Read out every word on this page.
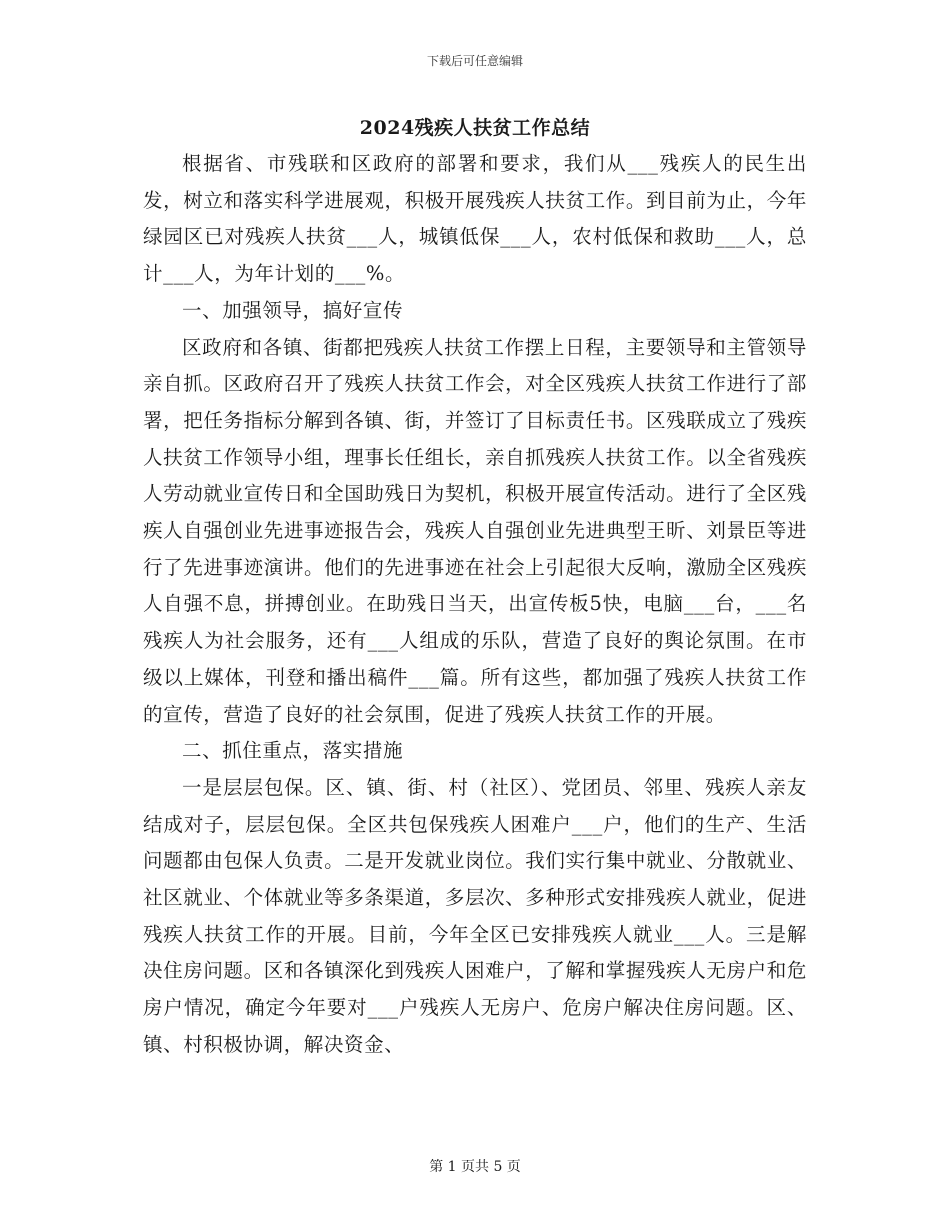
下载后可任意编辑
2024残疾人扶贫工作总结

根据省、市残联和区政府的部署和要求，我们从___残疾人的民生出发，树立和落实科学进展观，积极开展残疾人扶贫工作。到目前为止，今年绿园区已对残疾人扶贫___人，城镇低保___人，农村低保和救助___人，总计___人，为年计划的___%。

一、加强领导，搞好宣传

区政府和各镇、街都把残疾人扶贫工作摆上日程，主要领导和主管领导亲自抓。区政府召开了残疾人扶贫工作会，对全区残疾人扶贫工作进行了部署，把任务指标分解到各镇、街，并签订了目标责任书。区残联成立了残疾人扶贫工作领导小组，理事长任组长，亲自抓残疾人扶贫工作。以全省残疾人劳动就业宣传日和全国助残日为契机，积极开展宣传活动。进行了全区残疾人自强创业先进事迹报告会，残疾人自强创业先进典型王昕、刘景臣等进行了先进事迹演讲。他们的先进事迹在社会上引起很大反响，激励全区残疾人自强不息，拼搏创业。在助残日当天，出宣传板5快，电脑___台，___名残疾人为社会服务，还有___人组成的乐队，营造了良好的舆论氛围。在市级以上媒体，刊登和播出稿件___篇。所有这些，都加强了残疾人扶贫工作的宣传，营造了良好的社会氛围，促进了残疾人扶贫工作的开展。

二、抓住重点，落实措施

一是层层包保。区、镇、街、村（社区）、党团员、邻里、残疾人亲友结成对子，层层包保。全区共包保残疾人困难户___户，他们的生产、生活问题都由包保人负责。二是开发就业岗位。我们实行集中就业、分散就业、社区就业、个体就业等多条渠道，多层次、多种形式安排残疾人就业，促进残疾人扶贫工作的开展。目前，今年全区已安排残疾人就业___人。三是解决住房问题。区和各镇深化到残疾人困难户，了解和掌握残疾人无房户和危房户情况，确定今年要对___户残疾人无房户、危房户解决住房问题。区、镇、村积极协调，解决资金、

第 1 页共 5 页
